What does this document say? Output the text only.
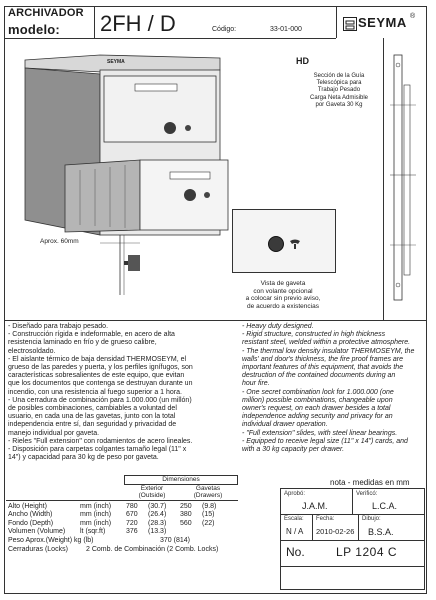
ARCHIVADOR
modelo: 2FH / D	Código:	33-01-000	SEYMA ®
SEYMA	HD
Sección de la Guía
Telescópica para
Trabajo Pesado
Carga Neta Admisible
por Gaveta 30 Kg
Aprox. 60mm
Vista de gaveta
con volante opcional
a colocar sin previo aviso,
de acuerdo a existencias
- Diseñado para trabajo pesado.
- Construcción rígida e indeformable, en acero de alta
resistencia laminado en frío y de grueso calibre,
electrosoldado.
- El aislante térmico de baja densidad THERMOSEYM, el
grueso de las paredes y puerta, y los perfiles ignífugos, son
características sobresalientes de este equipo, que evitan
que los documentos que contenga se destruyan durante un
incendio, con una resistencia al fuego superior a 1 hora.
- Una cerradura de combinación para 1.000.000 (un millón)
de posibles combinaciones, cambiables a voluntad del
usuario, en cada una de las gavetas, junto con la total
independencia entre sí, dan seguridad y privacidad de
manejo individual por gaveta.
- Rieles "Full extension" con rodamientos de acero lineales.
- Disposición para carpetas colgantes tamaño legal (11" x
14") y capacidad para 30 kg de peso por gaveta.
- Heavy duty designed.
- Rigid structure, constructed in high thickness
resistant steel, welded within a protective atmosphere.
- The thermal low density insulator THERMOSEYM, the
walls' and door's thickness, the fire proof frames are
important features of this equipment, that avoids the
destruction of the contained documents during an
hour fire.
- One secret combination lock for 1.000.000 (one
million) possible combinations, changeable upon
owner's request, on each drawer besides a total
independence adding security and privacy for an
individual drawer operation.
- "Full extension" slides, with steel linear bearings.
- Equipped to receive legal size (11" x 14") cards, and
with a 30 kg capacity per drawer.
Dimensiones
Exterior
(Outside)
Gavetas
(Drawers)
Alto (Height)	mm (inch)	780	(30.7)	250	(9.8)
Ancho (Width)	mm (inch)	670	(26.4)	380	(15)
Fondo (Depth)	mm (inch)	720	(28.3)	560	(22)
Volumen (Volume)	lt (sqr.ft)	376	(13.3)		
Peso Aprox.(Weight) kg (lb)	370 (814)
Cerraduras (Locks)	2 Comb. de Combinación (2 Comb. Locks)
nota - medidas en mm
Aprobó:
J.A.M.
Verificó:
L.C.A.
Escala:
N / A
Fecha:
2010-02-26
Dibujo:
B.S.A.
No.	LP 1204 C
